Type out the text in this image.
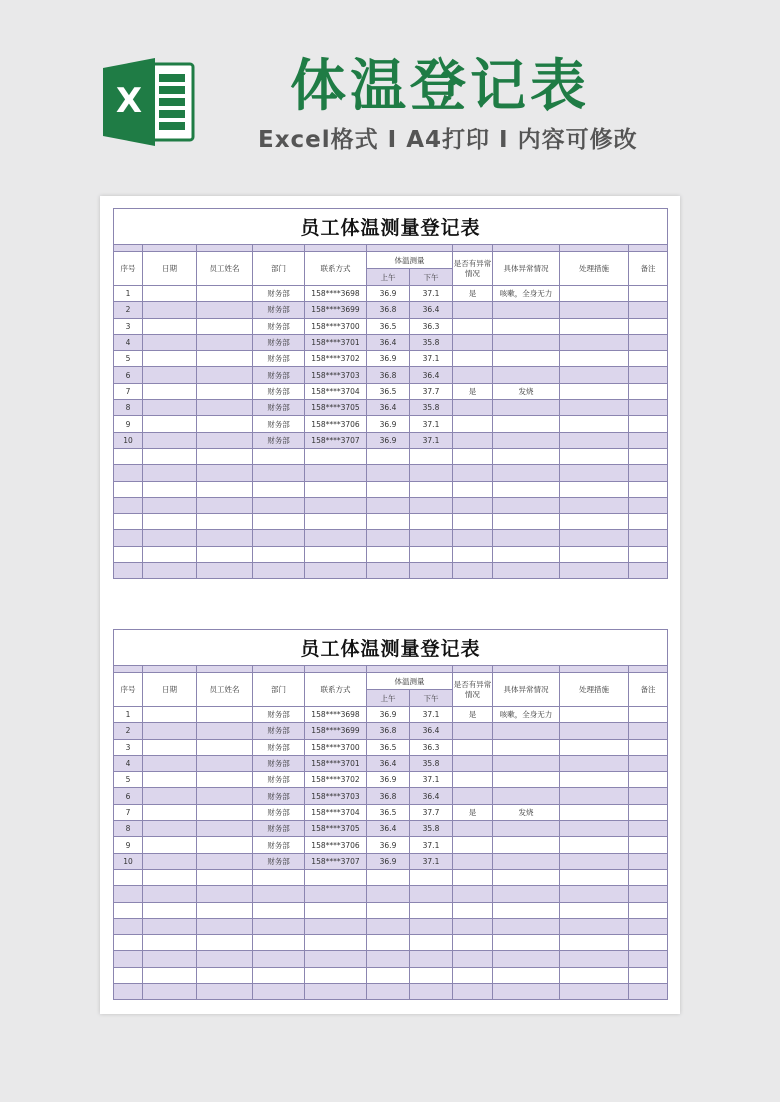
X	体温登记表
Excel格式 Ⅰ A4打印 Ⅰ 内容可修改
员工体温测量登记表										

序号	日期	员工姓名	部门	联系方式	体温测量		是否有异常情况	具体异常情况	处理措施	备注
					上午	下午				
1			财务部	158****3698	36.9	37.1	是	咳嗽，全身无力		
2			财务部	158****3699	36.8	36.4				
3			财务部	158****3700	36.5	36.3				
4			财务部	158****3701	36.4	35.8				
5			财务部	158****3702	36.9	37.1				
6			财务部	158****3703	36.8	36.4				
7			财务部	158****3704	36.5	37.7	是	发烧		
8			财务部	158****3705	36.4	35.8				
9			财务部	158****3706	36.9	37.1				
10			财务部	158****3707	36.9	37.1				

员工体温测量登记表										

序号	日期	员工姓名	部门	联系方式	体温测量		是否有异常情况	具体异常情况	处理措施	备注
					上午	下午				
1			财务部	158****3698	36.9	37.1	是	咳嗽，全身无力		
2			财务部	158****3699	36.8	36.4				
3			财务部	158****3700	36.5	36.3				
4			财务部	158****3701	36.4	35.8				
5			财务部	158****3702	36.9	37.1				
6			财务部	158****3703	36.8	36.4				
7			财务部	158****3704	36.5	37.7	是	发烧		
8			财务部	158****3705	36.4	35.8				
9			财务部	158****3706	36.9	37.1				
10			财务部	158****3707	36.9	37.1				
